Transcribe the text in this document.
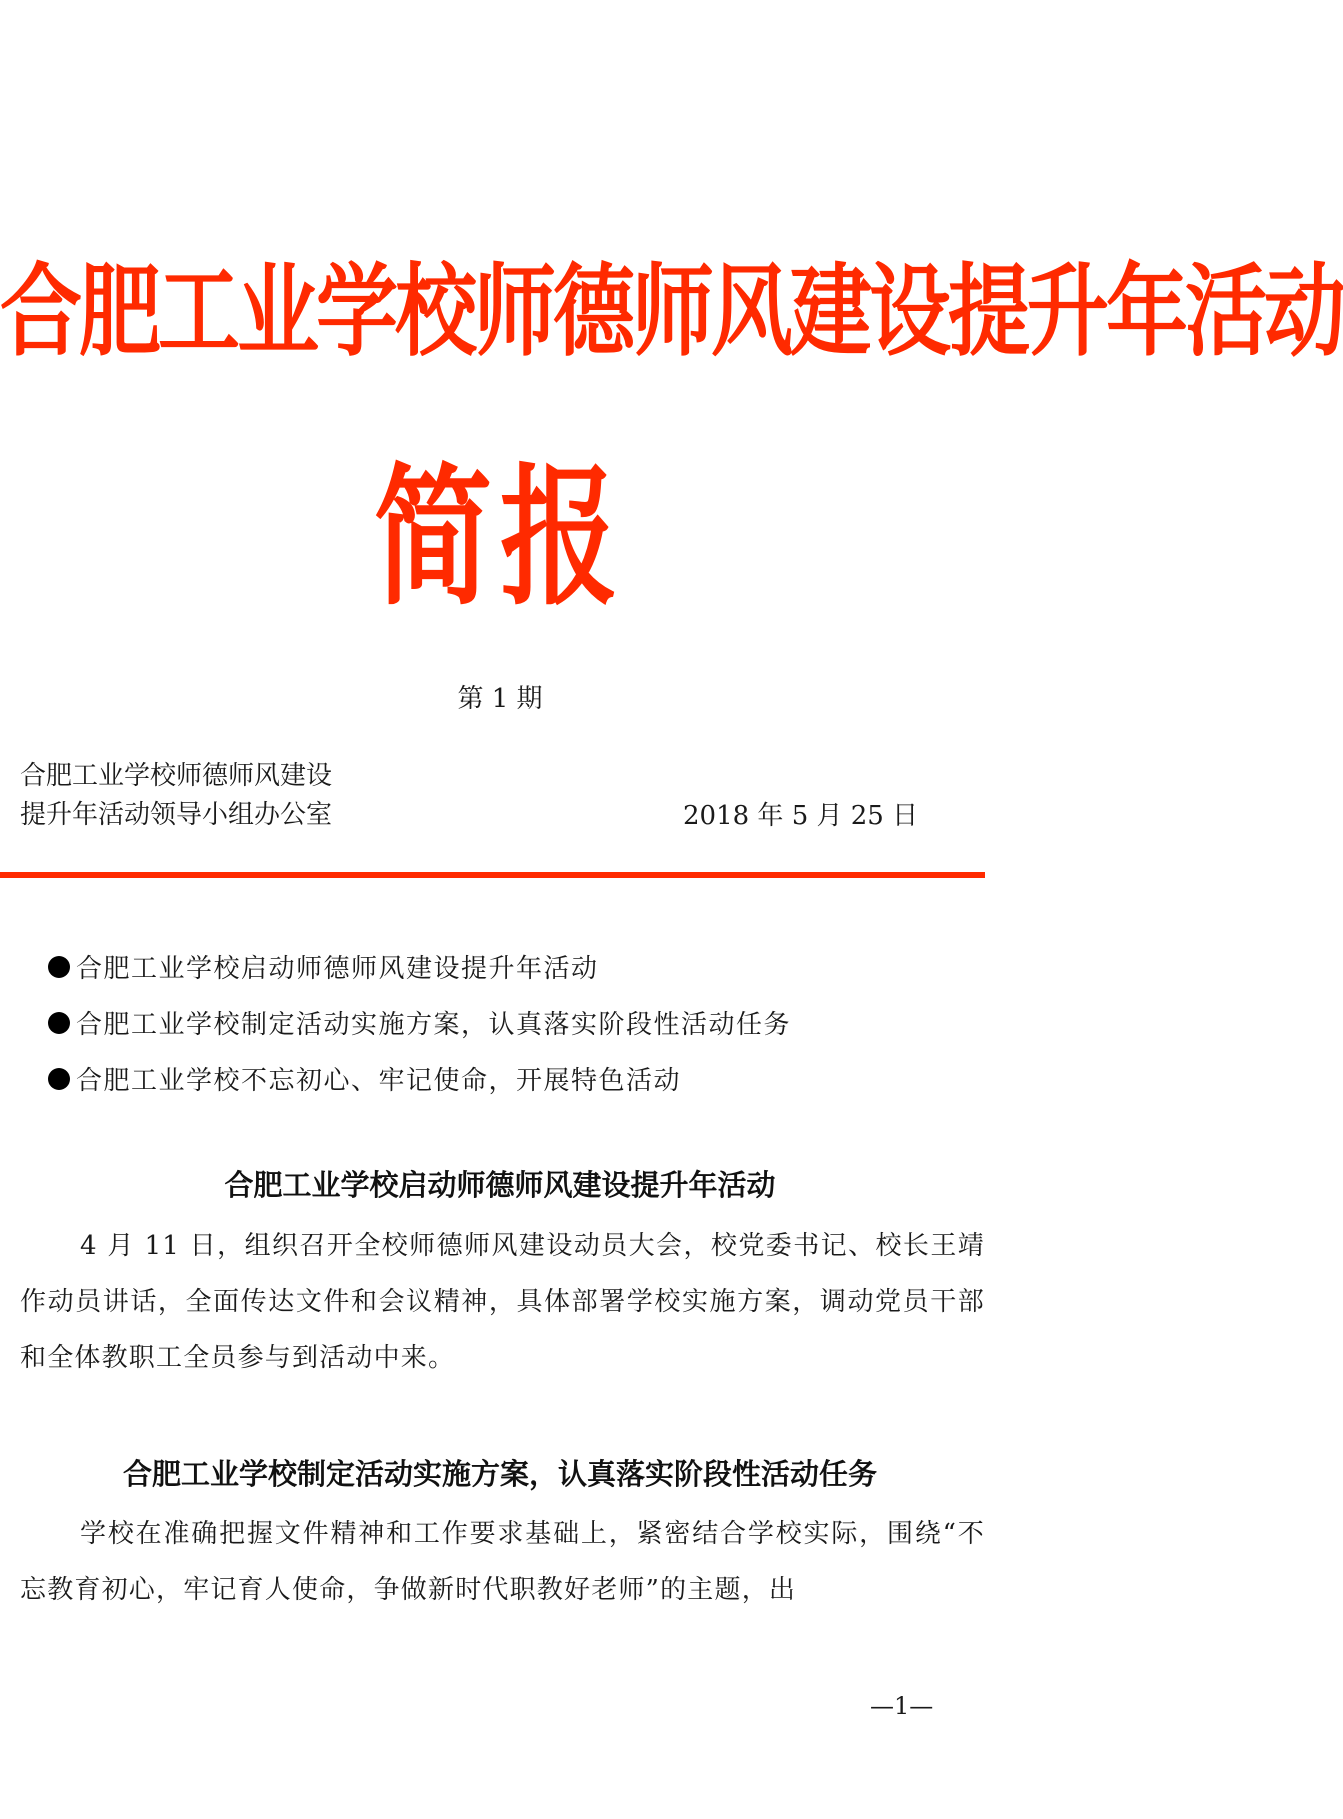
合肥工业学校师德师风建设提升年活动
简报
第 1 期
合肥工业学校师德师风建设
提升年活动领导小组办公室	2018 年 5 月 25 日
合肥工业学校启动师德师风建设提升年活动
合肥工业学校制定活动实施方案，认真落实阶段性活动任务
合肥工业学校不忘初心、牢记使命，开展特色活动
合肥工业学校启动师德师风建设提升年活动
4 月 11 日，组织召开全校师德师风建设动员大会，校党委书记、校长王靖作动员讲话，全面传达文件和会议精神，具体部署学校实施方案，调动党员干部和全体教职工全员参与到活动中来。
合肥工业学校制定活动实施方案，认真落实阶段性活动任务
学校在准确把握文件精神和工作要求基础上，紧密结合学校实际，围绕“不忘教育初心，牢记育人使命，争做新时代职教好老师”的主题，出
—1—
